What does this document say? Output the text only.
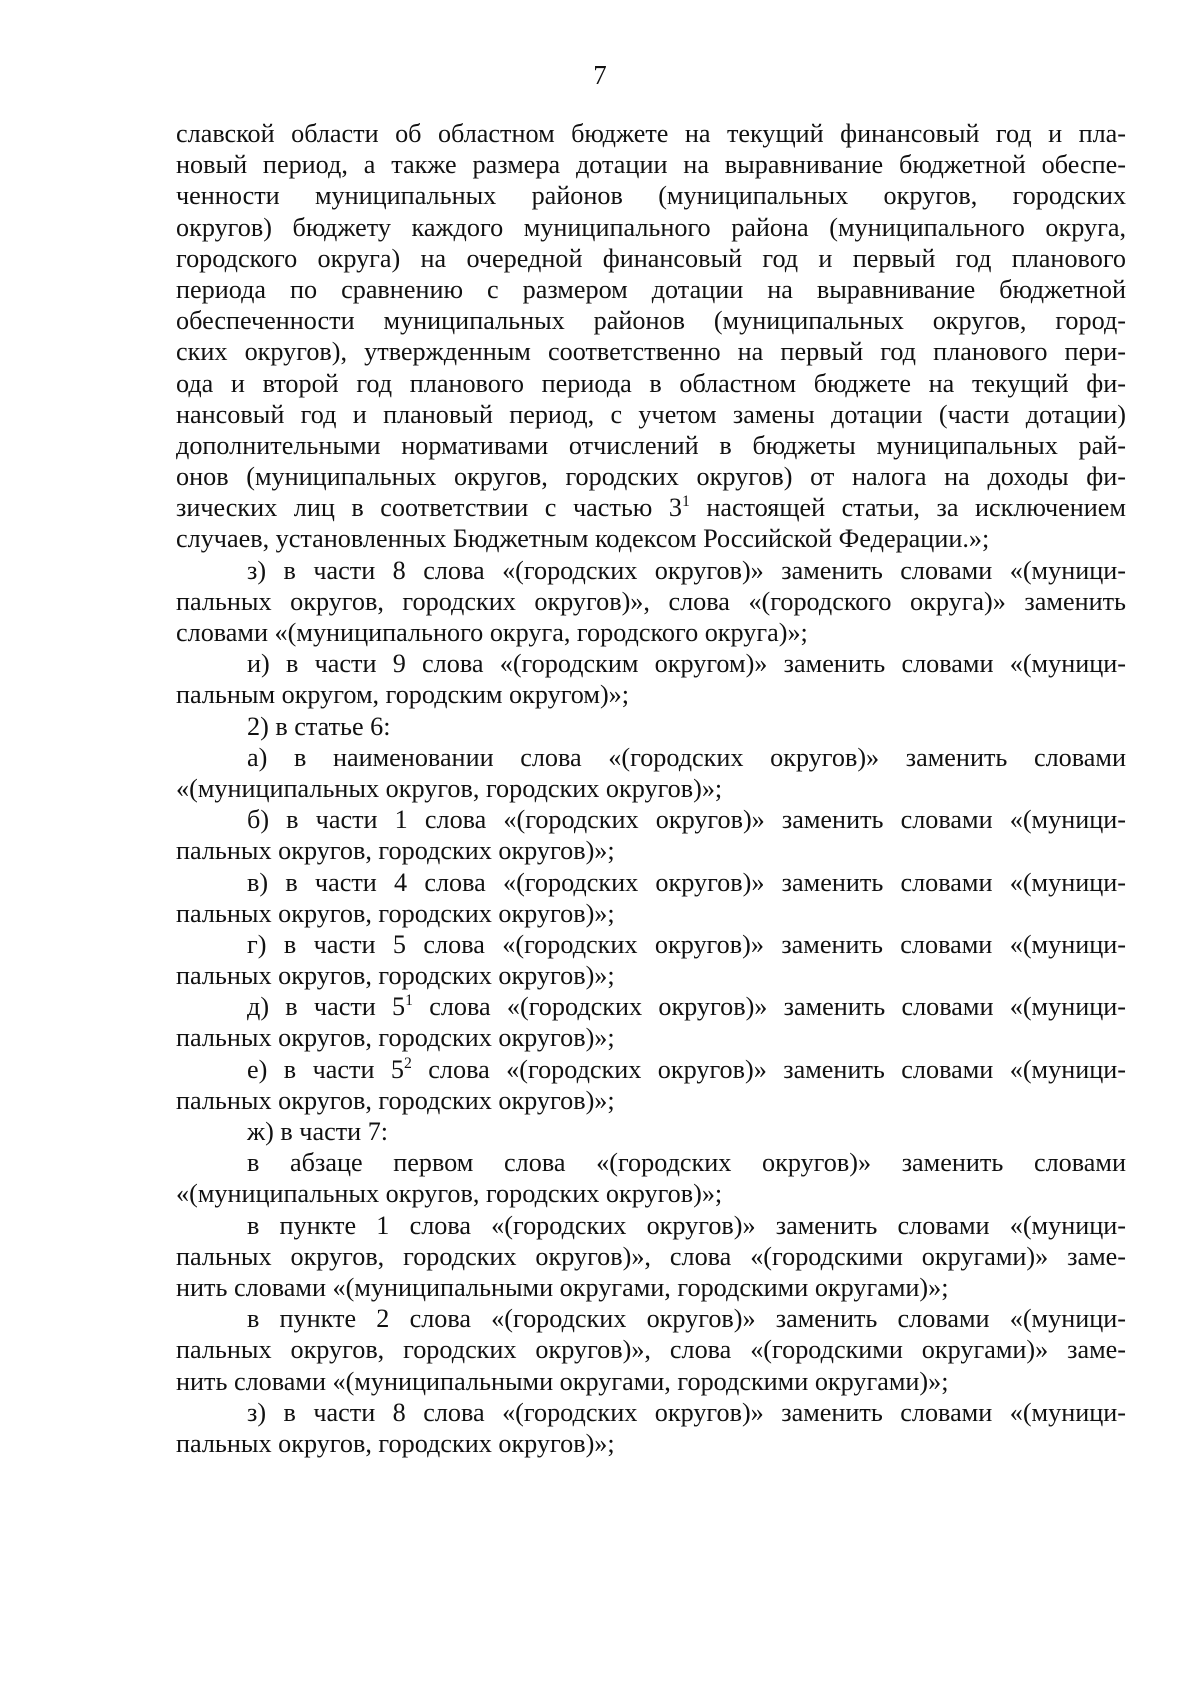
7
славской области об областном бюджете на текущий финансовый год и пла-
новый период, а также размера дотации на выравнивание бюджетной обеспе-
ченности муниципальных районов (муниципальных округов, городских
округов) бюджету каждого муниципального района (муниципального округа,
городского округа) на очередной финансовый год и первый год планового
периода по сравнению с размером дотации на выравнивание бюджетной
обеспеченности муниципальных районов (муниципальных округов, город-
ских округов), утвержденным соответственно на первый год планового пери-
ода и второй год планового периода в областном бюджете на текущий фи-
нансовый год и плановый период, с учетом замены дотации (части дотации)
дополнительными нормативами отчислений в бюджеты муниципальных рай-
онов (муниципальных округов, городских округов) от налога на доходы фи-
зических лиц в соответствии с частью $3^1$ настоящей статьи, за исключением
случаев, установленных Бюджетным кодексом Российской Федерации.»;
з) в части 8 слова «(городских округов)» заменить словами «(муници-
пальных округов, городских округов)», слова «(городского округа)» заменить
словами «(муниципального округа, городского округа)»;
и) в части 9 слова «(городским округом)» заменить словами «(муници-
пальным округом, городским округом)»;
2) в статье 6:
а) в наименовании слова «(городских округов)» заменить словами
«(муниципальных округов, городских округов)»;
б) в части 1 слова «(городских округов)» заменить словами «(муници-
пальных округов, городских округов)»;
в) в части 4 слова «(городских округов)» заменить словами «(муници-
пальных округов, городских округов)»;
г) в части 5 слова «(городских округов)» заменить словами «(муници-
пальных округов, городских округов)»;
д) в части $5^1$ слова «(городских округов)» заменить словами «(муници-
пальных округов, городских округов)»;
е) в части $5^2$ слова «(городских округов)» заменить словами «(муници-
пальных округов, городских округов)»;
ж) в части 7:
в абзаце первом слова «(городских округов)» заменить словами
«(муниципальных округов, городских округов)»;
в пункте 1 слова «(городских округов)» заменить словами «(муници-
пальных округов, городских округов)», слова «(городскими округами)» заме-
нить словами «(муниципальными округами, городскими округами)»;
в пункте 2 слова «(городских округов)» заменить словами «(муници-
пальных округов, городских округов)», слова «(городскими округами)» заме-
нить словами «(муниципальными округами, городскими округами)»;
з) в части 8 слова «(городских округов)» заменить словами «(муници-
пальных округов, городских округов)»;
